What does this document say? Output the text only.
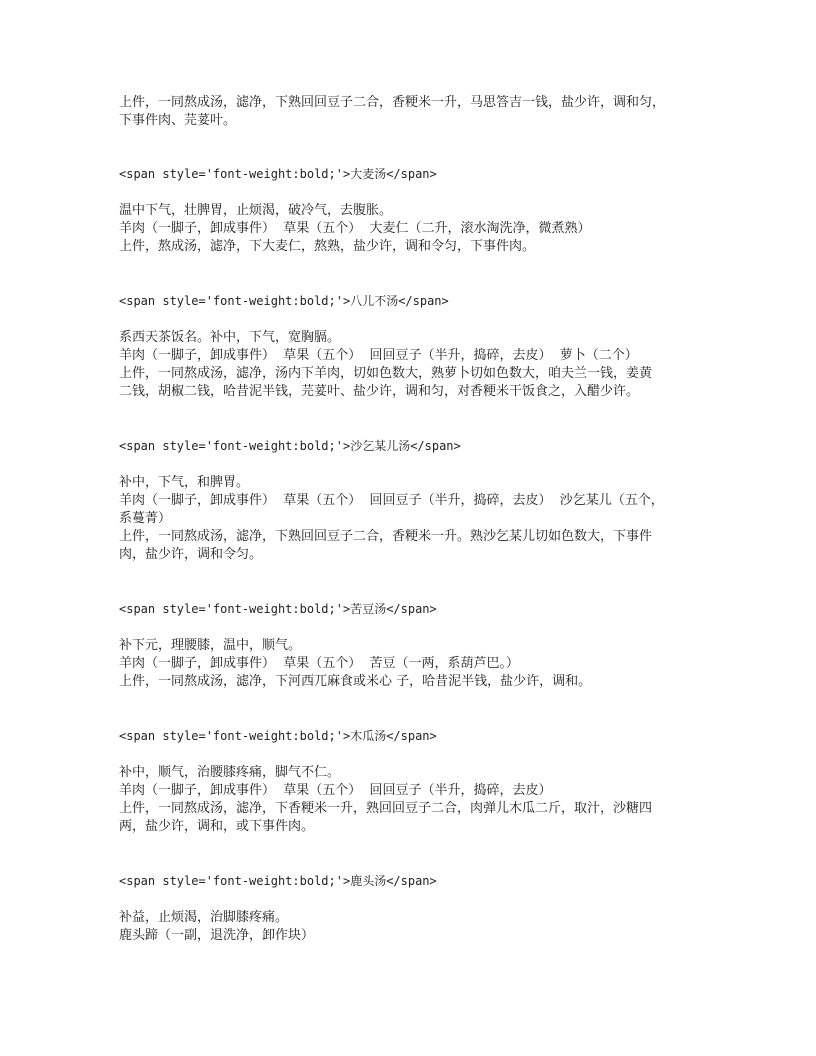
上件，一同熬成汤，滤净，下熟回回豆子二合，香粳米一升，马思答吉一钱，盐少许，调和匀，

下事件肉、芫荽叶。

<span style='font-weight:bold;'>大麦汤</span>

温中下气，壮脾胃，止烦渴，破冷气，去腹胀。

羊肉（一脚子，卸成事件）  草果（五个）  大麦仁（二升，滚水淘洗净，微煮熟）

上件，熬成汤，滤净，下大麦仁，熬熟，盐少许，调和令匀，下事件肉。

<span style='font-weight:bold;'>八儿不汤</span>

系西天茶饭名。补中，下气，宽胸膈。

羊肉（一脚子，卸成事件）  草果（五个）  回回豆子（半升，捣碎，去皮）  萝卜（二个）

上件，一同熬成汤，滤净，汤内下羊肉，切如色数大，熟萝卜切如色数大，咱夫兰一钱，姜黄

二钱，胡椒二钱，哈昔泥半钱，芫荽叶、盐少许，调和匀，对香粳米干饭食之，入醋少许。

<span style='font-weight:bold;'>沙乞某儿汤</span>

补中，下气，和脾胃。

羊肉（一脚子，卸成事件）  草果（五个）  回回豆子（半升，捣碎，去皮）  沙乞某儿（五个，

系蔓菁）

上件，一同熬成汤，滤净，下熟回回豆子二合，香粳米一升。熟沙乞某儿切如色数大，下事件

肉，盐少许，调和令匀。

<span style='font-weight:bold;'>苦豆汤</span>

补下元，理腰膝，温中，顺气。

羊肉（一脚子，卸成事件）  草果（五个）  苦豆（一两，系葫芦巴。）

上件，一同熬成汤，滤净，下河西兀麻食或米心 子，哈昔泥半钱，盐少许，调和。

<span style='font-weight:bold;'>木瓜汤</span>

补中，顺气，治腰膝疼痛，脚气不仁。

羊肉（一脚子，卸成事件）  草果（五个）  回回豆子（半升，捣碎，去皮）

上件，一同熬成汤，滤净，下香粳米一升，熟回回豆子二合，肉弹儿木瓜二斤，取汁，沙糖四

两，盐少许，调和，或下事件肉。

<span style='font-weight:bold;'>鹿头汤</span>

补益，止烦渴，治脚膝疼痛。

鹿头蹄（一副，退洗净，卸作块）
